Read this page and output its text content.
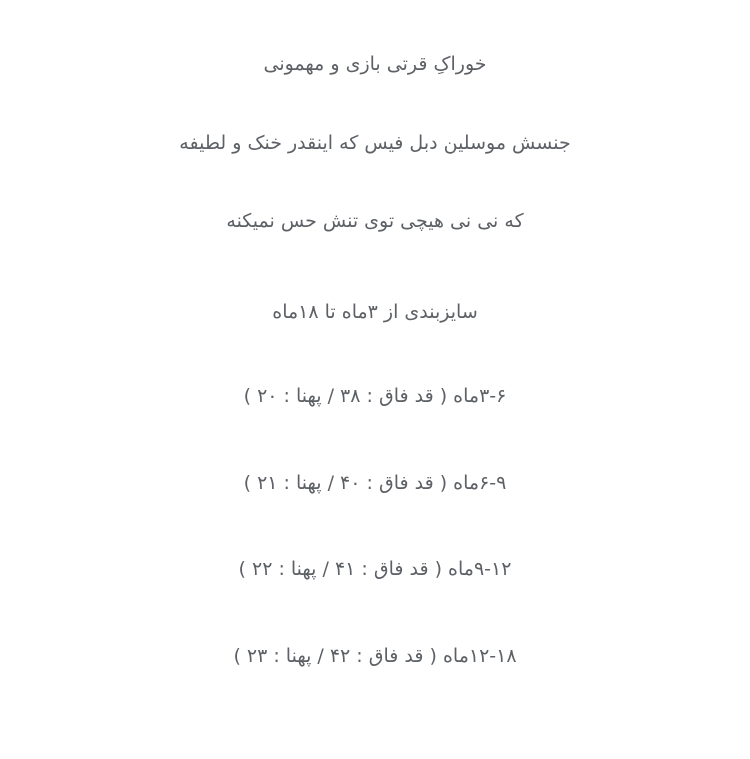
خوراکِ قرتی بازی و مهمونی
جنسش موسلین دبل فیس که اینقدر خنک و لطیفه
که نی نی هیچی توی تنش حس نمیکنه
سایزبندی از ۳ماه تا ۱۸ماه
۳-۶ماه ( قد فاق : ۳۸ / پهنا : ۲۰ )
۶-۹ماه ( قد فاق : ۴۰ / پهنا : ۲۱ )
۹-۱۲ماه ( قد فاق : ۴۱ / پهنا : ۲۲ )
۱۲-۱۸ماه ( قد فاق : ۴۲ / پهنا : ۲۳ )
